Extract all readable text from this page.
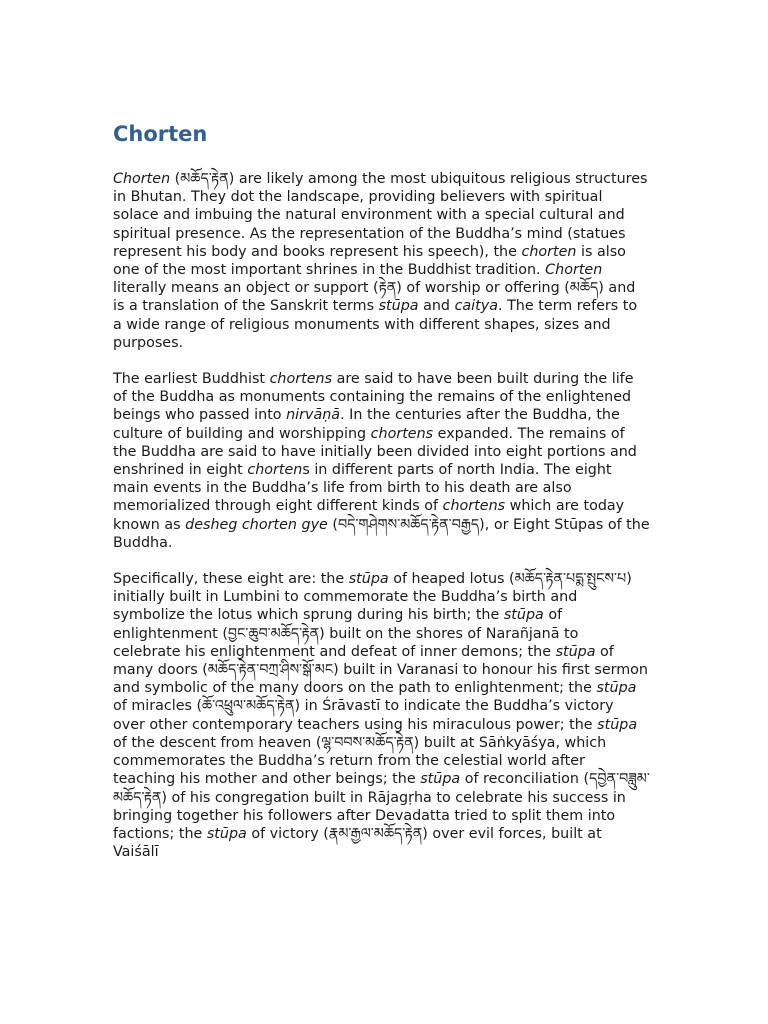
Chorten

Chorten (མཆོད་རྟེན) are likely among the most ubiquitous religious structures in Bhutan. They dot the landscape, providing believers with spiritual solace and imbuing the natural environment with a special cultural and spiritual presence. As the representation of the Buddha’s mind (statues represent his body and books represent his speech), the chorten is also one of the most important shrines in the Buddhist tradition. Chorten literally means an object or support (རྟེན) of worship or offering (མཆོད) and is a translation of the Sanskrit terms stūpa and caitya. The term refers to a wide range of religious monuments with different shapes, sizes and purposes.

The earliest Buddhist chortens are said to have been built during the life of the Buddha as monuments containing the remains of the enlightened beings who passed into nirvāṇā. In the centuries after the Buddha, the culture of building and worshipping chortens expanded. The remains of the Buddha are said to have initially been divided into eight portions and enshrined in eight chortens in different parts of north India. The eight main events in the Buddha’s life from birth to his death are also memorialized through eight different kinds of chortens which are today known as desheg chorten gye (བདེ་གཤེགས་མཆོད་རྟེན་བརྒྱད), or Eight Stūpas of the Buddha.

Specifically, these eight are: the stūpa of heaped lotus (མཆོད་རྟེན་པདྨ་སྤུངས་པ) initially built in Lumbini to commemorate the Buddha’s birth and symbolize the lotus which sprung during his birth; the stūpa of enlightenment (བྱང་ཆུབ་མཆོད་རྟེན) built on the shores of Narañjanā to celebrate his enlightenment and defeat of inner demons; the stūpa of many doors (མཆོད་རྟེན་བཀྲ་ཤིས་སྒོ་མང) built in Varanasi to honour his first sermon and symbolic of the many doors on the path to enlightenment; the stūpa of miracles (ཆོ་འཕྲུལ་མཆོད་རྟེན) in Śrāvastī to indicate the Buddha’s victory over other contemporary teachers using his miraculous power; the stūpa of the descent from heaven (ལྷ་བབས་མཆོད་རྟེན) built at Sāṅkyāśya, which commemorates the Buddha’s return from the celestial world after teaching his mother and other beings; the stūpa of reconciliation (དབྱེན་བཟླུམ་མཆོད་རྟེན) of his congregation built in Rājagṛha to celebrate his success in bringing together his followers after Devadatta tried to split them into factions; the stūpa of victory (རྣམ་རྒྱལ་མཆོད་རྟེན) over evil forces, built at Vaiśālī
